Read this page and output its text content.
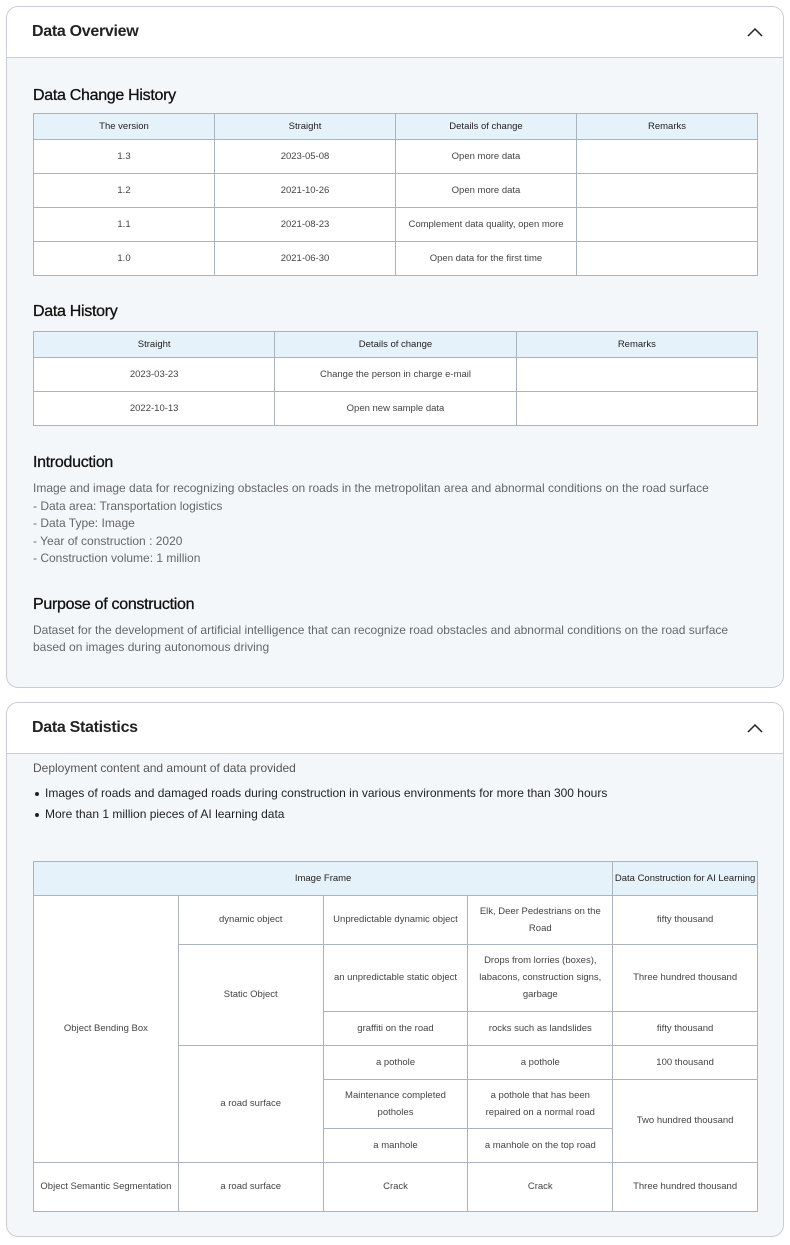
Data Overview
Data Change History
The version	Straight	Details of change	Remarks
1.3	2023-05-08	Open more data	
1.2	2021-10-26	Open more data	
1.1	2021-08-23	Complement data quality, open more	
1.0	2021-06-30	Open data for the first time	
Data History
Straight	Details of change	Remarks
2023-03-23	Change the person in charge e-mail	
2022-10-13	Open new sample data	
Introduction
Image and image data for recognizing obstacles on roads in the metropolitan area and abnormal conditions on the road surface
- Data area: Transportation logistics
- Data Type: Image
- Year of construction : 2020
- Construction volume: 1 million
Purpose of construction
Dataset for the development of artificial intelligence that can recognize road obstacles and abnormal conditions on the road surface based on images during autonomous driving
Data Statistics
Deployment content and amount of data provided
Images of roads and damaged roads during construction in various environments for more than 300 hours
More than 1 million pieces of AI learning data
Image Frame				Data Construction for AI Learning
Object Bending Box	dynamic object	Unpredictable dynamic object	Elk, Deer Pedestrians on the Road	fifty thousand
	Static Object	an unpredictable static object	Drops from lorries (boxes), labacons, construction signs, garbage	Three hundred thousand
		graffiti on the road	rocks such as landslides	fifty thousand
	a road surface	a pothole	a pothole	100 thousand
		Maintenance completed potholes	a pothole that has been repaired on a normal road	Two hundred thousand
		a manhole	a manhole on the top road	
Object Semantic Segmentation	a road surface	Crack	Crack	Three hundred thousand
